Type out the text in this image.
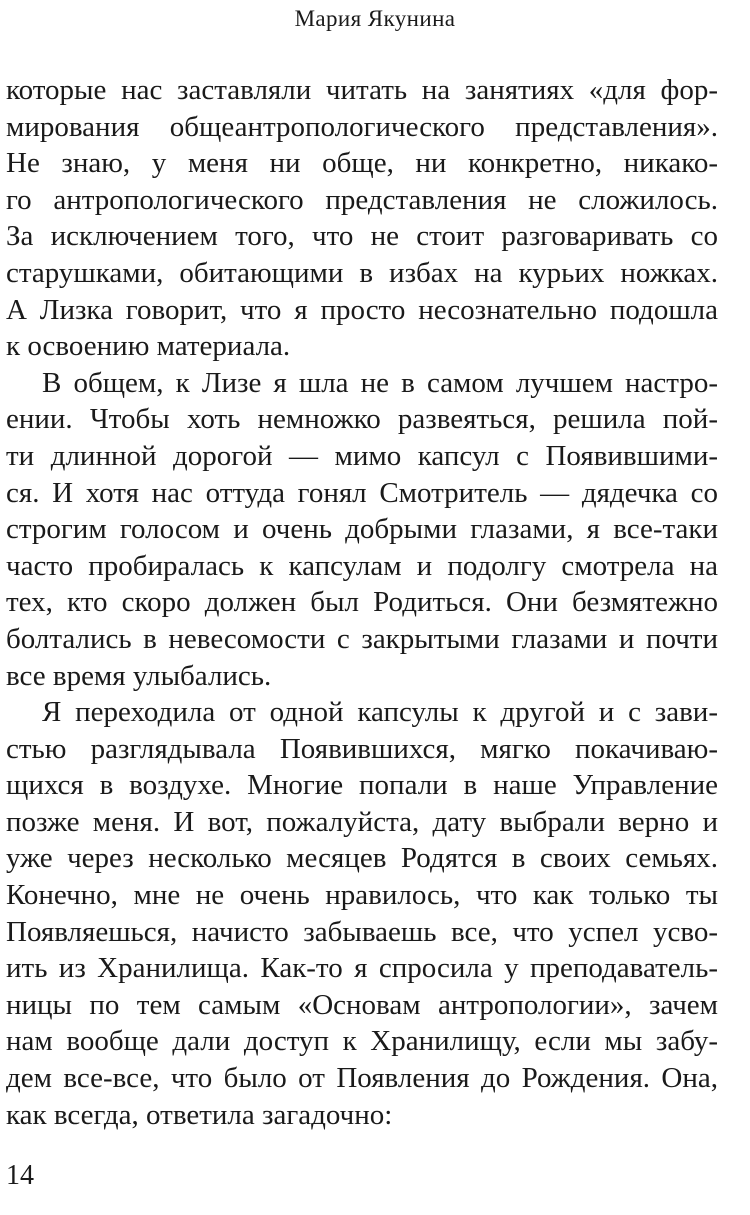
Мария Якунина
которые нас заставляли читать на занятиях «для фор-
мирования общеантропологического представления».
Не знаю, у меня ни обще, ни конкретно, никако-
го антропологического представления не сложилось.
За исключением того, что не стоит разговаривать со
старушками, обитающими в избах на курьих ножках.
А Лизка говорит, что я просто несознательно подошла
к освоению материала.
В общем, к Лизе я шла не в самом лучшем настро-
ении. Чтобы хоть немножко развеяться, решила пой-
ти длинной дорогой — мимо капсул с Появившими-
ся. И хотя нас оттуда гонял Смотритель — дядечка со
строгим голосом и очень добрыми глазами, я все-таки
часто пробиралась к капсулам и подолгу смотрела на
тех, кто скоро должен был Родиться. Они безмятежно
болтались в невесомости с закрытыми глазами и почти
все время улыбались.
Я переходила от одной капсулы к другой и с зави-
стью разглядывала Появившихся, мягко покачиваю-
щихся в воздухе. Многие попали в наше Управление
позже меня. И вот, пожалуйста, дату выбрали верно и
уже через несколько месяцев Родятся в своих семьях.
Конечно, мне не очень нравилось, что как только ты
Появляешься, начисто забываешь все, что успел усво-
ить из Хранилища. Как-то я спросила у преподаватель-
ницы по тем самым «Основам антропологии», зачем
нам вообще дали доступ к Хранилищу, если мы забу-
дем все-все, что было от Появления до Рождения. Она,
как всегда, ответила загадочно:
14
